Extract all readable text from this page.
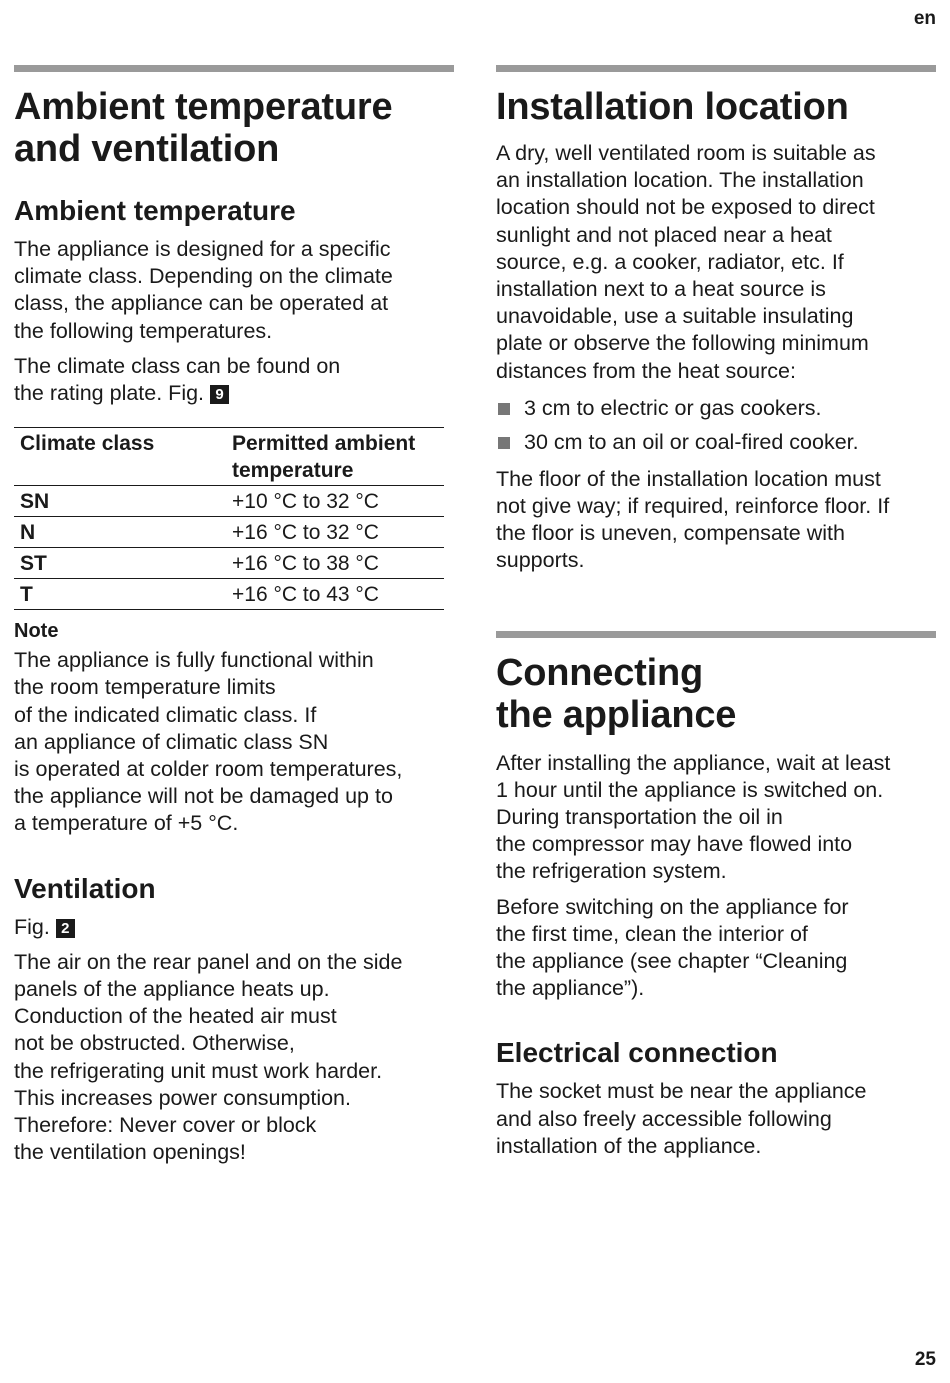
en
Ambient temperature
and ventilation
Ambient temperature

The appliance is designed for a specific
climate class. Depending on the climate
class, the appliance can be operated at
the following temperatures.

The climate class can be found on
the rating plate. Fig. 9

Climate class	Permitted ambient temperature
SN	+10 °C to 32 °C
N	+16 °C to 32 °C
ST	+16 °C to 38 °C
T	+16 °C to 43 °C
Note

The appliance is fully functional within
the room temperature limits
of the indicated climatic class. If
an appliance of climatic class SN
is operated at colder room temperatures,
the appliance will not be damaged up to
a temperature of +5 °C.

Ventilation

Fig. 2

The air on the rear panel and on the side
panels of the appliance heats up.
Conduction of the heated air must
not be obstructed. Otherwise,
the refrigerating unit must work harder.
This increases power consumption.
Therefore: Never cover or block
the ventilation openings!

Installation location

A dry, well ventilated room is suitable as
an installation location. The installation
location should not be exposed to direct
sunlight and not placed near a heat
source, e.g. a cooker, radiator, etc. If
installation next to a heat source is
unavoidable, use a suitable insulating
plate or observe the following minimum
distances from the heat source:

3 cm to electric or gas cookers.
30 cm to an oil or coal-fired cooker.

The floor of the installation location must
not give way; if required, reinforce floor. If
the floor is uneven, compensate with
supports.

Connecting
the appliance

After installing the appliance, wait at least
1 hour until the appliance is switched on.
During transportation the oil in
the compressor may have flowed into
the refrigeration system.

Before switching on the appliance for
the first time, clean the interior of
the appliance (see chapter “Cleaning
the appliance”).

Electrical connection

The socket must be near the appliance
and also freely accessible following
installation of the appliance.

25
